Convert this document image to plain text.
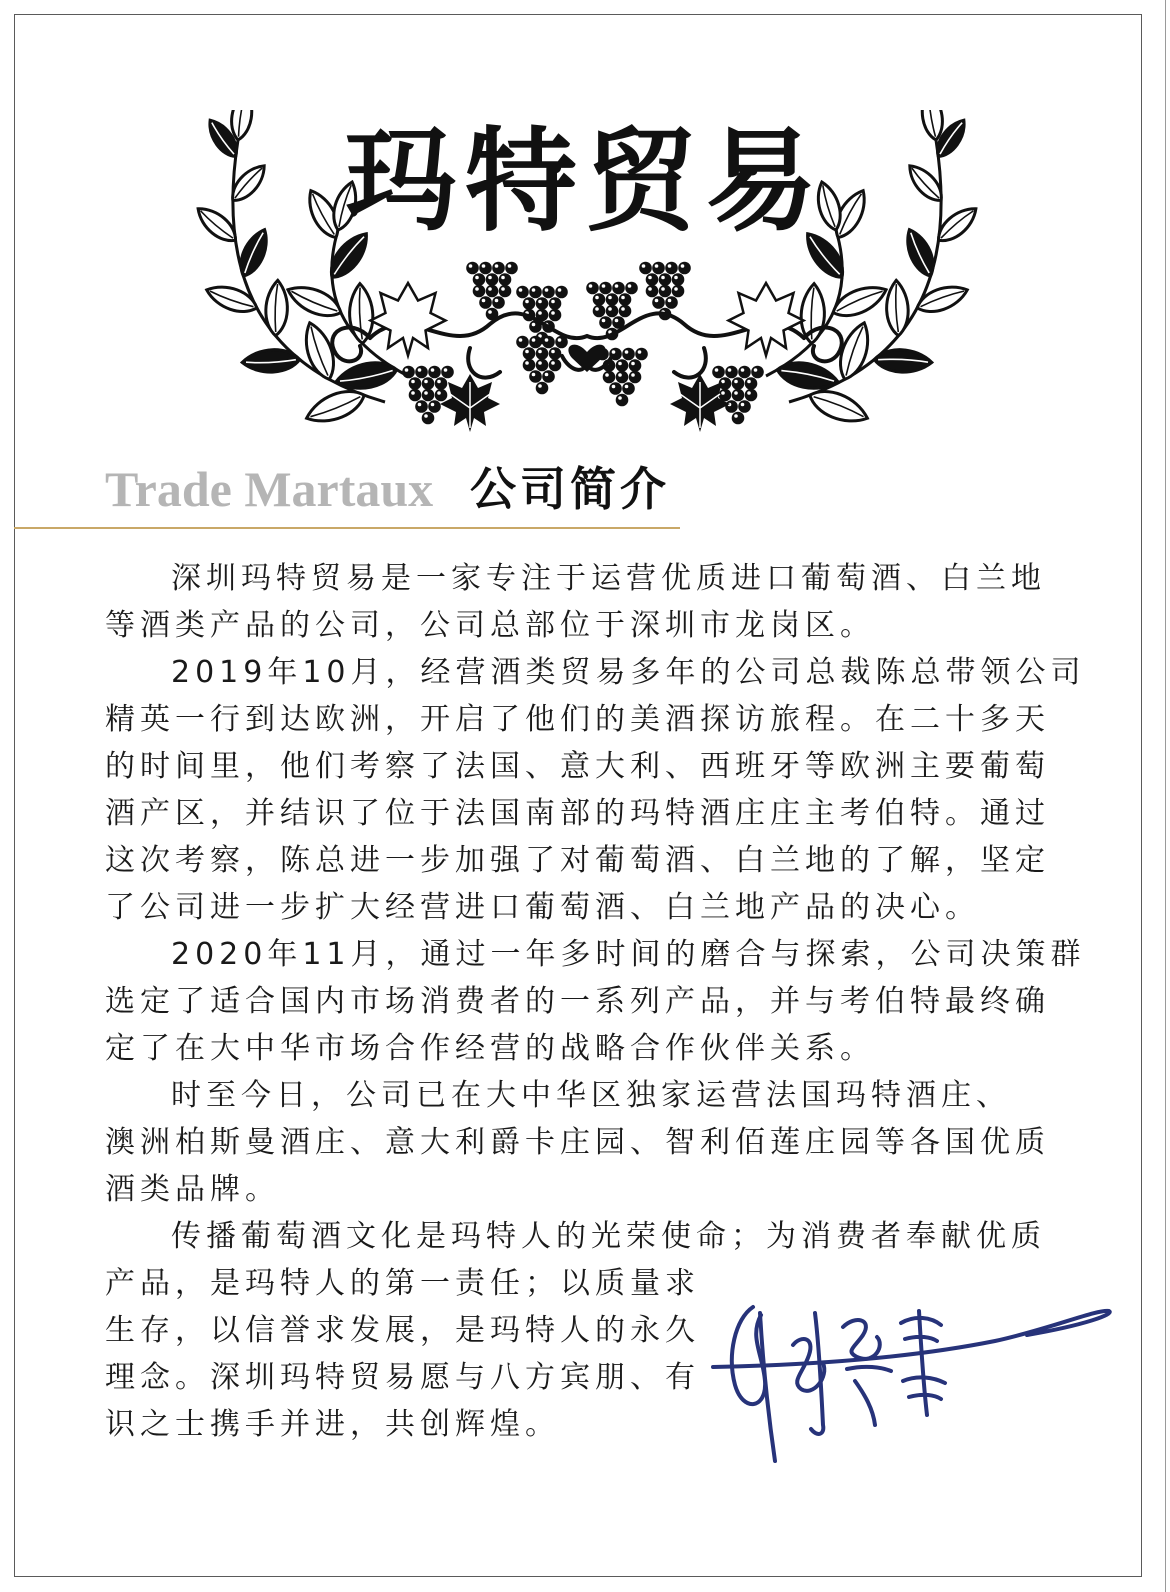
玛特贸易
Trade Martaux 公司简介
深圳玛特贸易是一家专注于运营优质进口葡萄酒、白兰地
等酒类产品的公司，公司总部位于深圳市龙岗区。
2019年10月，经营酒类贸易多年的公司总裁陈总带领公司
精英一行到达欧洲，开启了他们的美酒探访旅程。在二十多天
的时间里，他们考察了法国、意大利、西班牙等欧洲主要葡萄
酒产区，并结识了位于法国南部的玛特酒庄庄主考伯特。通过
这次考察，陈总进一步加强了对葡萄酒、白兰地的了解，坚定
了公司进一步扩大经营进口葡萄酒、白兰地产品的决心。
2020年11月，通过一年多时间的磨合与探索，公司决策群
选定了适合国内市场消费者的一系列产品，并与考伯特最终确
定了在大中华市场合作经营的战略合作伙伴关系。
时至今日，公司已在大中华区独家运营法国玛特酒庄、
澳洲柏斯曼酒庄、意大利爵卡庄园、智利佰莲庄园等各国优质
酒类品牌。
传播葡萄酒文化是玛特人的光荣使命；为消费者奉献优质
产品，是玛特人的第一责任；以质量求
生存，以信誉求发展，是玛特人的永久
理念。深圳玛特贸易愿与八方宾朋、有
识之士携手并进，共创辉煌。
